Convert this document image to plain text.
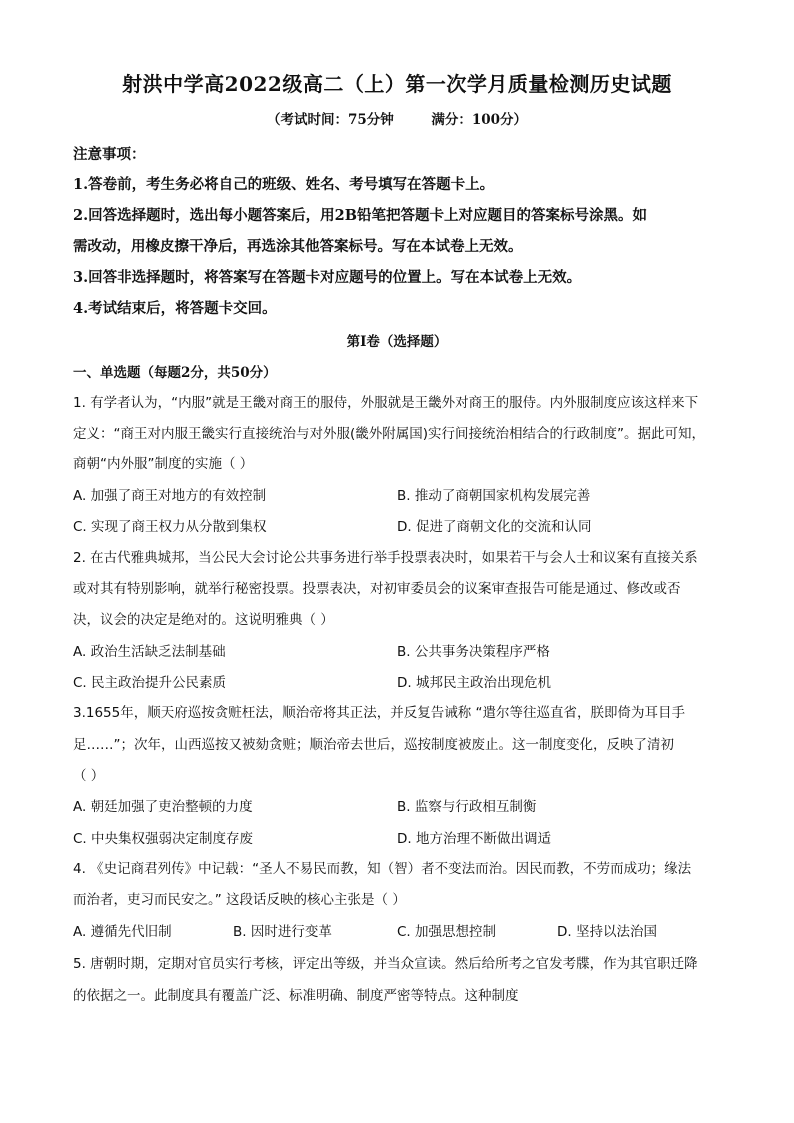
射洪中学高2022级高二（上）第一次学月质量检测历史试题
（考试时间：75分钟        满分：100分）
注意事项：
1.答卷前，考生务必将自己的班级、姓名、考号填写在答题卡上。
2.回答选择题时，选出每小题答案后，用2B铅笔把答题卡上对应题目的答案标号涂黑。如
需改动，用橡皮擦干净后，再选涂其他答案标号。写在本试卷上无效。
3.回答非选择题时，将答案写在答题卡对应题号的位置上。写在本试卷上无效。
4.考试结束后，将答题卡交回。
第Ⅰ卷（选择题）
一、单选题（每题2分，共50分）
1. 有学者认为，“内服”就是王畿对商王的服侍，外服就是王畿外对商王的服侍。内外服制度应该这样来下
定义：“商王对内服王畿实行直接统治与对外服(畿外附属国)实行间接统治相结合的行政制度”。据此可知，
商朝“内外服”制度的实施（ ）
A. 加强了商王对地方的有效控制	B. 推动了商朝国家机构发展完善
C. 实现了商王权力从分散到集权	D. 促进了商朝文化的交流和认同
2. 在古代雅典城邦，当公民大会讨论公共事务进行举手投票表决时，如果若干与会人士和议案有直接关系
或对其有特别影响，就举行秘密投票。投票表决，对初审委员会的议案审查报告可能是通过、修改或否
决，议会的决定是绝对的。这说明雅典（ ）
A. 政治生活缺乏法制基础	B. 公共事务决策程序严格
C. 民主政治提升公民素质	D. 城邦民主政治出现危机
3.1655年，顺天府巡按贪赃枉法，顺治帝将其正法，并反复告诫称 “遣尔等往巡直省，朕即倚为耳目手
足……”；次年，山西巡按又被劾贪赃；顺治帝去世后，巡按制度被废止。这一制度变化，反映了清初
（ ）
A. 朝廷加强了吏治整顿的力度	B. 监察与行政相互制衡
C. 中央集权强弱决定制度存废	D. 地方治理不断做出调适
4. 《史记商君列传》中记载：“圣人不易民而教，知（智）者不变法而治。因民而教，不劳而成功；缘法
而治者，吏习而民安之。” 这段话反映的核心主张是（ ）
A. 遵循先代旧制	B. 因时进行变革	C. 加强思想控制	D. 坚持以法治国
5. 唐朝时期，定期对官员实行考核，评定出等级，并当众宣读。然后给所考之官发考牒，作为其官职迁降
的依据之一。此制度具有覆盖广泛、标准明确、制度严密等特点。这种制度
